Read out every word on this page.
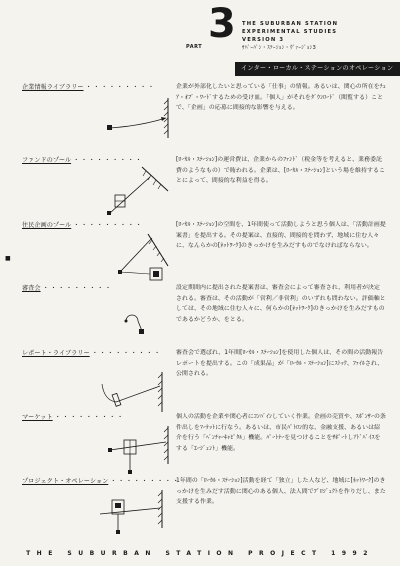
PART 3 THE SUBURBAN STATION
EXPERIMENTAL STUDIES
VERSION 3
ｻﾊﾞｰﾊﾞﾝ・ｽﾃｰｼｮﾝ・ｳﾞｧｰｼﾞｮﾝ3
インター・ローカル・ステーションのオペレーション
企業情報ライブラリー ・・・・・・・・・	企業が外部化したいと思っている「仕事」の情報。あるいは、関心の所在をﾁｪｱ・ｵﾌﾞ・ﾜｰﾄﾞするための受け皿。「個人」がそれをﾀﾞｳﾝﾛｰﾄﾞ（閲覧する）ことで、「企画」の応募に間接的な影響を与える。
ファンドのプール ・・・・・・・・・	[ﾛｰｶﾙ・ｽﾃｰｼｮﾝ]の運営費は、企業からのﾌｧﾝﾄﾞ（税金等を考えると、業務委託費のようなもの）で賄われる。企業は、[ﾛｰｶﾙ・ｽﾃｰｼｮﾝ]という場を維持することによって、間接的な利益を得る。
住民企画のプール ・・・・・・・・・	[ﾛｰｶﾙ・ｽﾃｰｼｮﾝ]の空間を、1年間使って活動しようと思う個人は、「活動計画提案書」を提出する。その提案は、直接的、間接的を問わず、地域に住む人々に、なんらかの[ﾈｯﾄﾜｰｸ]のきっかけを生みだすものでなければならない。
■
審査会 ・・・・・・・・・	設定期間内に提出された提案書は、審査会によって審査され、利用者が決定される。審査は、その活動が「営利／非営利」のいずれも問わない。評価軸としては、その地域に住む人々に、何らかの[ﾈｯﾄﾜｰｸ]のきっかけを生みだすものであるかどうか、をとる。
レポート・ライブラリー ・・・・・・・・・ 審査会で選ばれ、1年間[ﾛｰｶﾙ・ｽﾃｰｼｮﾝ]を使用した個人は、その間の活動報告レポートを提出する。この「成果品」が「ﾛｰｶﾙ・ｽﾃｰｼｮﾝ]にｽﾄｯｸ、ﾌｧｲﾙされ、公開される。
マーケット ・・・・・・・・・	個人の活動を企業や関心者にｺﾝﾊﾞｲﾝしていく作業。企画の売買や、ｽﾎﾟﾝｻｰの条件出しをﾏｰｹｯﾄに行なう。あるいは、市民ﾊﾟﾄﾛﾝ的な、金融支援、あるいは紹介を行う「ﾍﾞﾝﾁｬｰｷｬﾋﾟﾀﾙ」機能。ﾊﾟｰﾄﾅｰを見つけることをｻﾎﾟｰﾄしｱﾄﾞﾊﾞｲｽをする「ｴｰｼﾞｪﾝﾄ」機能。
プロジェクト・オペレーション ・・・・・・・・・
1年間の「ﾛｰｶﾙ・ｽﾃｰｼｮﾝ]活動を経て「独立」した人など、地域に[ﾈｯﾄﾜｰｸ]のきっかけを生みだす活動に関心のある個人、法人間でﾌﾟﾛｼﾞｪｸﾄを作りだし、また支援する作業。
THE SUBURBAN STATION PROJECT 1992
